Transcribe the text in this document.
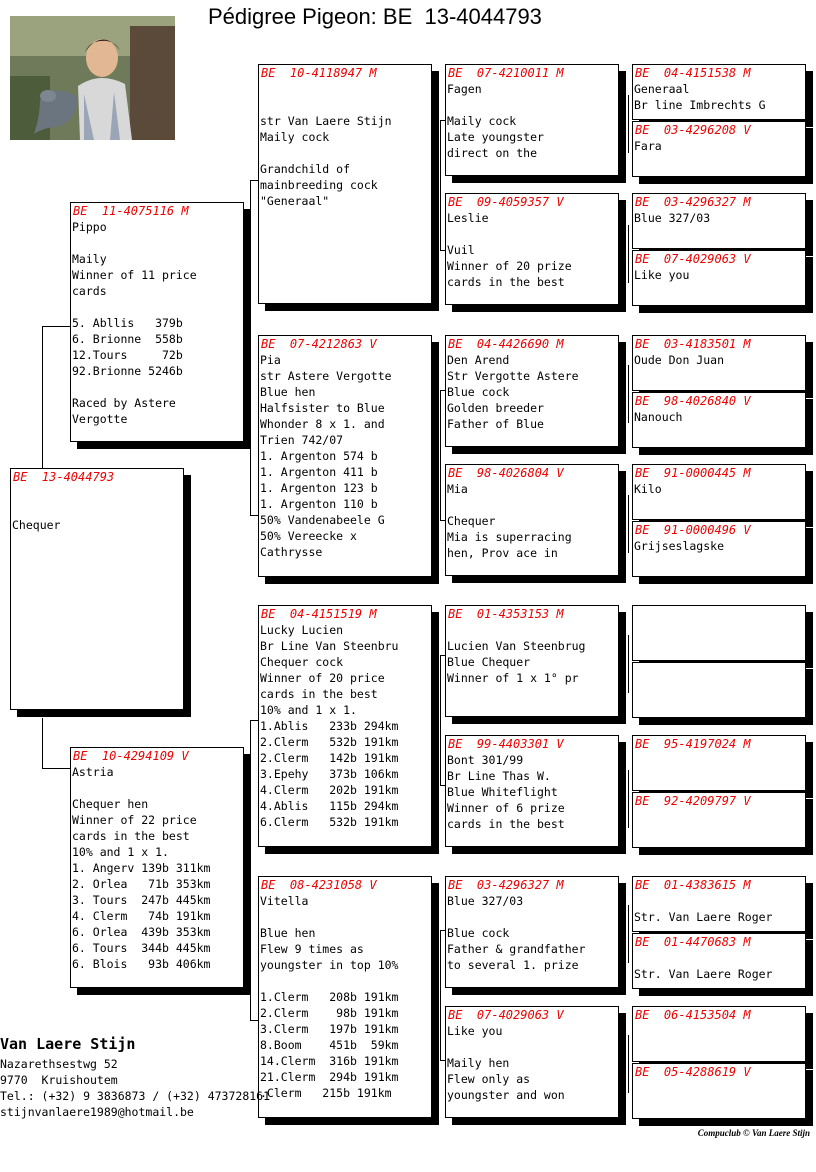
Pédigree Pigeon: BE  13-4044793
BE  13-4044793
Chequer
BE  11-4075116 M
Pippo
Maily
Winner of 11 price
cards
5. Abllis   379b
6. Brionne  558b
12.Tours     72b
92.Brionne 5246b
Raced by Astere
Vergotte
BE  10-4294109 V
Astria
Chequer hen
Winner of 22 price
cards in the best
10% and 1 x 1.
1. Angerv 139b 311km
2. Orlea   71b 353km
3. Tours  247b 445km
4. Clerm   74b 191km
6. Orlea  439b 353km
6. Tours  344b 445km
6. Blois   93b 406km
BE  10-4118947 M
str Van Laere Stijn
Maily cock
Grandchild of
mainbreeding cock
"Generaal"
BE  07-4212863 V
Pia
str Astere Vergotte
Blue hen
Halfsister to Blue
Whonder 8 x 1. and
Trien 742/07
1. Argenton 574 b
1. Argenton 411 b
1. Argenton 123 b
1. Argenton 110 b
50% Vandenabeele G
50% Vereecke x
Cathrysse
BE  04-4151519 M
Lucky Lucien
Br Line Van Steenbru
Chequer cock
Winner of 20 price
cards in the best
10% and 1 x 1.
1.Ablis   233b 294km
2.Clerm   532b 191km
2.Clerm   142b 191km
3.Epehy   373b 106km
4.Clerm   202b 191km
4.Ablis   115b 294km
6.Clerm   532b 191km
BE  08-4231058 V
Vitella
Blue hen
Flew 9 times as
youngster in top 10%
1.Clerm   208b 191km
2.Clerm    98b 191km
3.Clerm   197b 191km
8.Boom    451b  59km
14.Clerm  316b 191km
21.Clerm  294b 191km
.Clerm   215b 191km
BE  07-4210011 M
Fagen
Maily cock
Late youngster
direct on the
BE  09-4059357 V
Leslie
Vuil
Winner of 20 prize
cards in the best
BE  04-4426690 M
Den Arend
Str Vergotte Astere
Blue cock
Golden breeder
Father of Blue
BE  98-4026804 V
Mia
Chequer
Mia is superracing
hen, Prov ace in
BE  01-4353153 M
Lucien Van Steenbrug
Blue Chequer
Winner of 1 x 1° pr
BE  99-4403301 V
Bont 301/99
Br Line Thas W.
Blue Whiteflight
Winner of 6 prize
cards in the best
BE  03-4296327 M
Blue 327/03
Blue cock
Father & grandfather
to several 1. prize
BE  07-4029063 V
Like you
Maily hen
Flew only as
youngster and won
BE  04-4151538 M
Generaal
Br line Imbrechts G
BE  03-4296208 V
Fara
BE  03-4296327 M
Blue 327/03
BE  07-4029063 V
Like you
BE  03-4183501 M
Oude Don Juan
BE  98-4026840 V
Nanouch
BE  91-0000445 M
Kilo
BE  91-0000496 V
Grijseslagske
BE  95-4197024 M
BE  92-4209797 V
BE  01-4383615 M
Str. Van Laere Roger
BE  01-4470683 M
Str. Van Laere Roger
BE  06-4153504 M
BE  05-4288619 V
Van Laere Stijn
Nazarethsestwg 52
9770  Kruishoutem
Tel.: (+32) 9 3836873 / (+32) 473728161
stijnvanlaere1989@hotmail.be
Compuclub © Van Laere Stijn
